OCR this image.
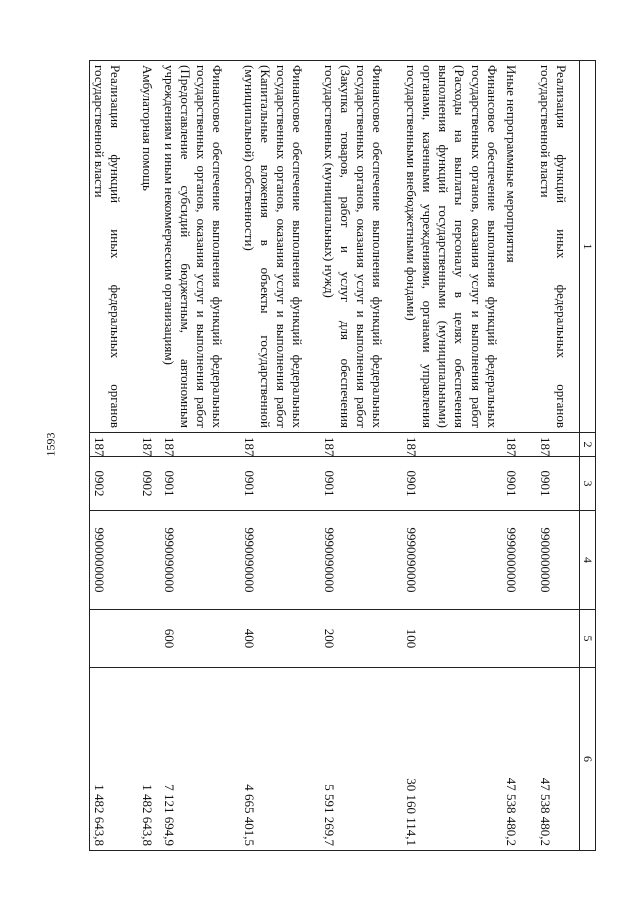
1593
1	2	3	4	5	6
Реализация функций иных федеральных органов государственной власти	187	0901	9900000000		47 538 480,2
Иные непрограммные мероприятия	187	0901	9990000000		47 538 480,2
Финансовое обеспечение выполнения функций федеральных государственных органов, оказания услуг и выполнения работ (Расходы на выплаты персоналу в целях обеспечения выполнения функций государственными (муниципальными) органами, казенными учреждениями, органами управления государственными внебюджетными фондами)	187	0901	9990090000	100	30 160 114,1
Финансовое обеспечение выполнения функций федеральных государственных органов, оказания услуг и выполнения работ (Закупка товаров, работ и услуг для обеспечения государственных (муниципальных) нужд)	187	0901	9990090000	200	5 591 269,7
Финансовое обеспечение выполнения функций федеральных государственных органов, оказания услуг и выполнения работ (Капитальные вложения в объекты государственной (муниципальной) собственности)	187	0901	9990090000	400	4 665 401,5
Финансовое обеспечение выполнения функций федеральных государственных органов, оказания услуг и выполнения работ (Предоставление субсидий бюджетным, автономным учреждениям и иным некоммерческим организациям)	187	0901	9990090000	600	7 121 694,9
Амбулаторная помощь	187	0902			1 482 643,8
Реализация функций иных федеральных органов государственной власти	187	0902	9900000000		1 482 643,8
